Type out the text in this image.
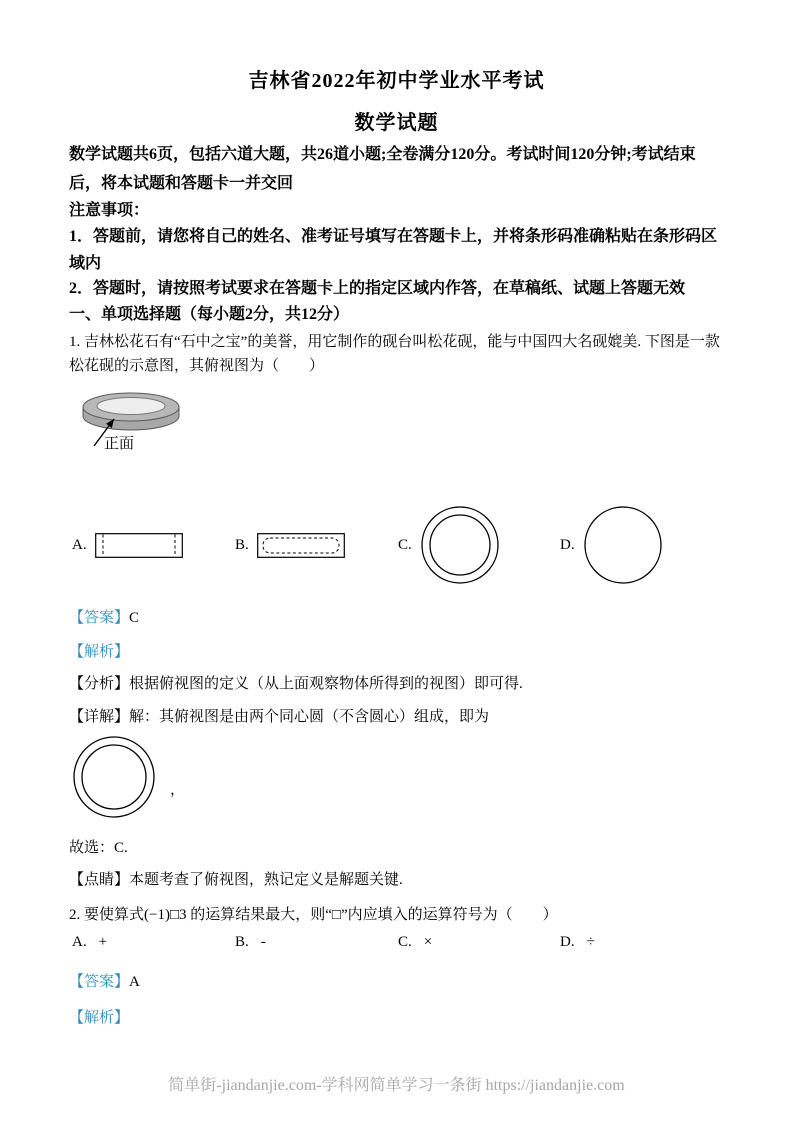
吉林省2022年初中学业水平考试
数学试题
数学试题共6页，包括六道大题，共26道小题;全卷满分120分。考试时间120分钟;考试结束后，将本试题和答题卡一并交回
注意事项：
1．答题前，请您将自己的姓名、准考证号填写在答题卡上，并将条形码准确粘贴在条形码区域内
2．答题时，请按照考试要求在答题卡上的指定区域内作答，在草稿纸、试题上答题无效
一、单项选择题（每小题2分，共12分）
1. 吉林松花石有“石中之宝”的美誉，用它制作的砚台叫松花砚，能与中国四大名砚媲美. 下图是一款松花砚的示意图，其俯视图为（　　）
正面
A.	B.	C.	D.
【答案】C
【解析】
【分析】根据俯视图的定义（从上面观察物体所得到的视图）即可得.
【详解】解：其俯视图是由两个同心圆（不含圆心）组成，即为
，
故选：C.
【点睛】本题考查了俯视图，熟记定义是解题关键.
2. 要使算式(−1)□3 的运算结果最大，则“□”内应填入的运算符号为（　　）
A. +	B. -	C. ×	D. ÷
【答案】A
【解析】
简单街-jiandanjie.com-学科网简单学习一条街 https://jiandanjie.com
